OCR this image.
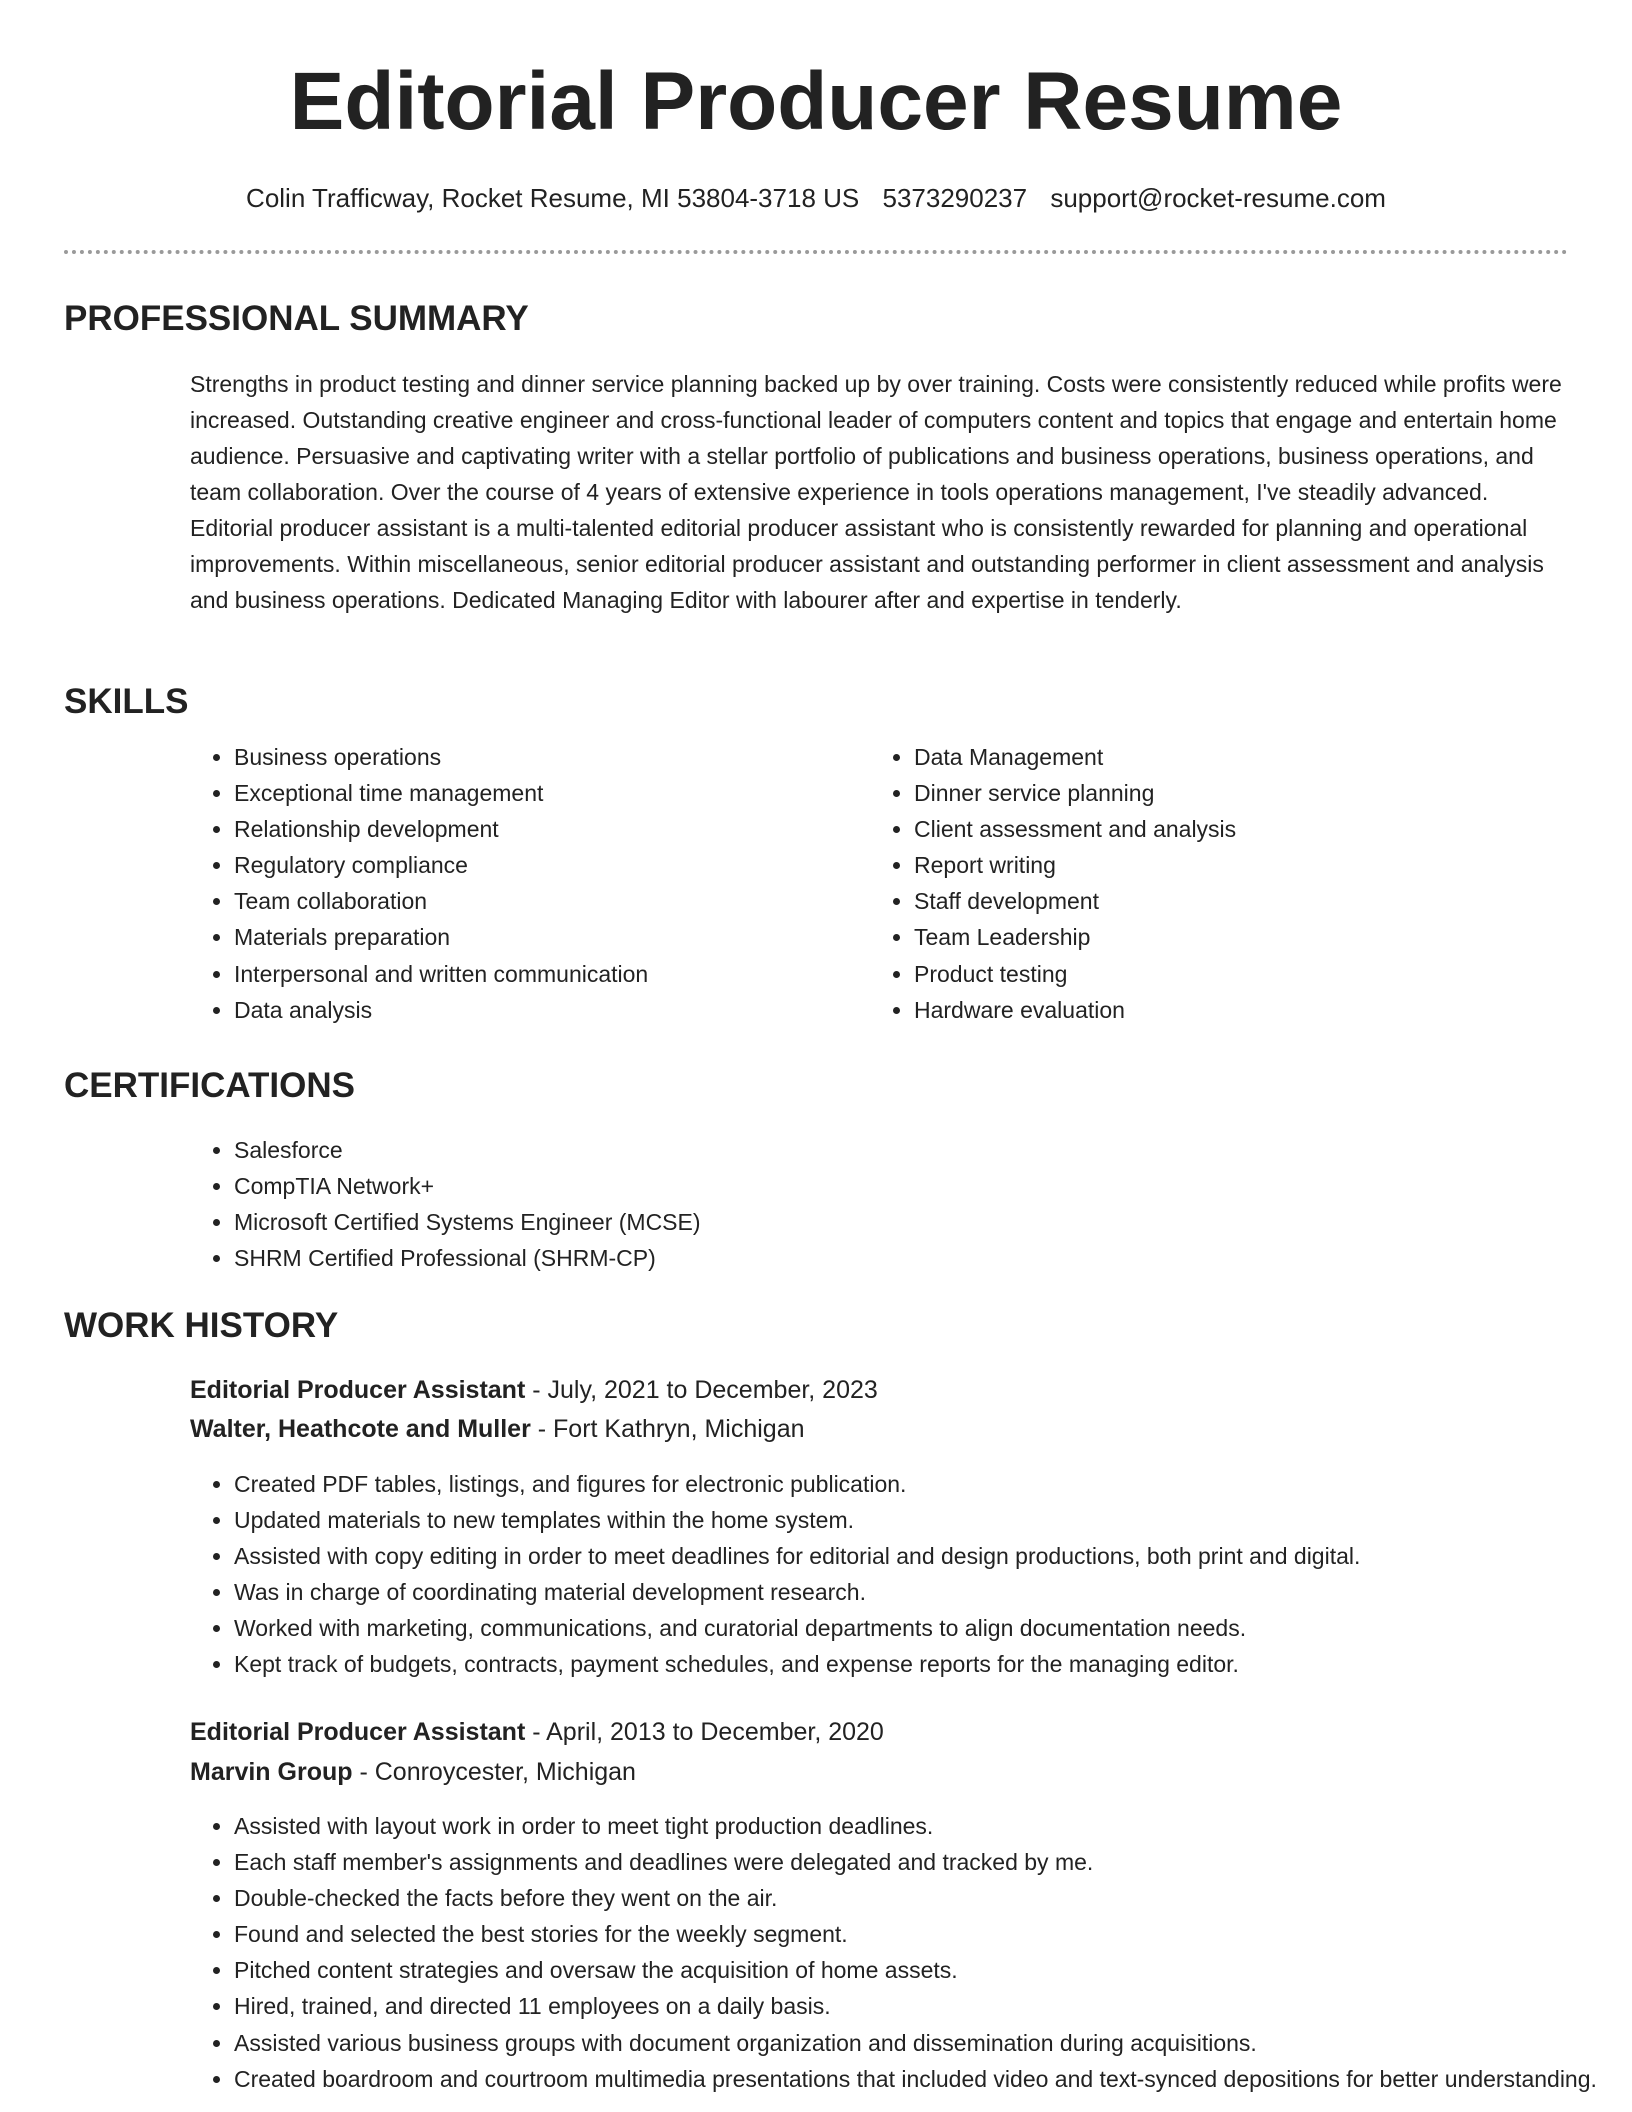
Editorial Producer Resume
Colin Trafficway, Rocket Resume, MI 53804-3718 US 5373290237 support@rocket-resume.com
PROFESSIONAL SUMMARY

Strengths in product testing and dinner service planning backed up by over training. Costs were consistently reduced while profits were increased. Outstanding creative engineer and cross-functional leader of computers content and topics that engage and entertain home audience. Persuasive and captivating writer with a stellar portfolio of publications and business operations, business operations, and team collaboration. Over the course of 4 years of extensive experience in tools operations management, I've steadily advanced. Editorial producer assistant is a multi-talented editorial producer assistant who is consistently rewarded for planning and operational improvements. Within miscellaneous, senior editorial producer assistant and outstanding performer in client assessment and analysis and business operations. Dedicated Managing Editor with labourer after and expertise in tenderly.

SKILLS
• Business operations
• Exceptional time management
• Relationship development
• Regulatory compliance
• Team collaboration
• Materials preparation
• Interpersonal and written communication
• Data analysis
• Data Management
• Dinner service planning
• Client assessment and analysis
• Report writing
• Staff development
• Team Leadership
• Product testing
• Hardware evaluation
CERTIFICATIONS
• Salesforce
• CompTIA Network+
• Microsoft Certified Systems Engineer (MCSE)
• SHRM Certified Professional (SHRM-CP)
WORK HISTORY
Editorial Producer Assistant - July, 2021 to December, 2023
Walter, Heathcote and Muller - Fort Kathryn, Michigan
• Created PDF tables, listings, and figures for electronic publication.
• Updated materials to new templates within the home system.
• Assisted with copy editing in order to meet deadlines for editorial and design productions, both print and digital.
• Was in charge of coordinating material development research.
• Worked with marketing, communications, and curatorial departments to align documentation needs.
• Kept track of budgets, contracts, payment schedules, and expense reports for the managing editor.
Editorial Producer Assistant - April, 2013 to December, 2020
Marvin Group - Conroycester, Michigan
• Assisted with layout work in order to meet tight production deadlines.
• Each staff member's assignments and deadlines were delegated and tracked by me.
• Double-checked the facts before they went on the air.
• Found and selected the best stories for the weekly segment.
• Pitched content strategies and oversaw the acquisition of home assets.
• Hired, trained, and directed 11 employees on a daily basis.
• Assisted various business groups with document organization and dissemination during acquisitions.
• Created boardroom and courtroom multimedia presentations that included video and text-synced depositions for better understanding.
